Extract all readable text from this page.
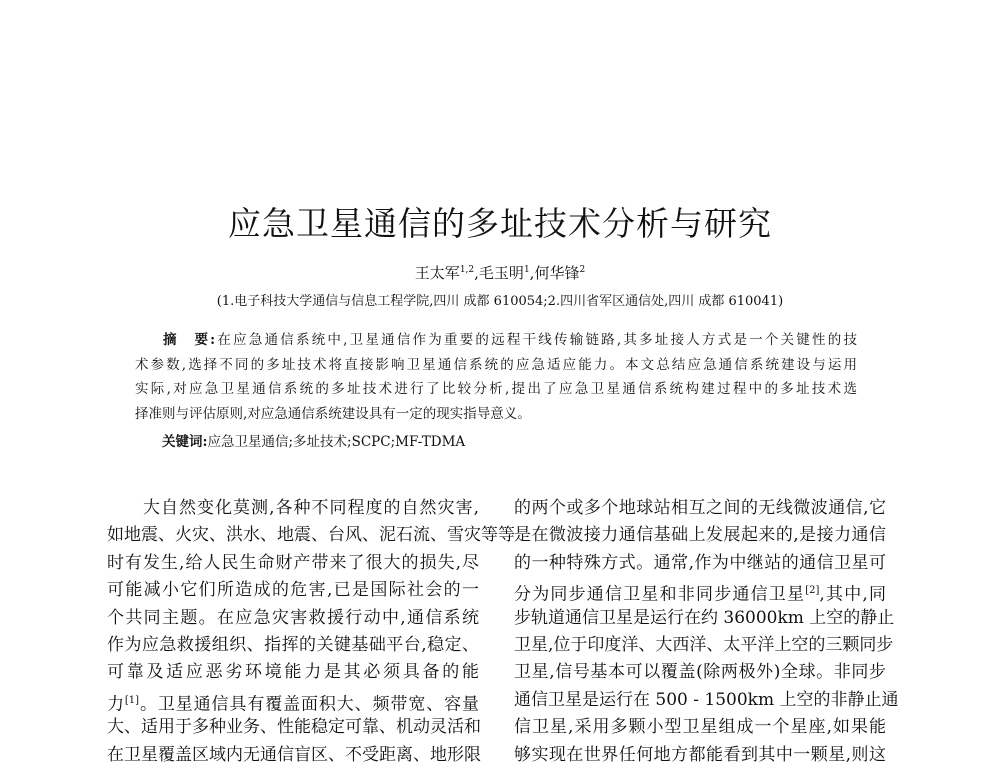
应急卫星通信的多址技术分析与研究
王太军$^{1,2}$,毛玉明$^1$,何华锋$^2$
(1.电子科技大学通信与信息工程学院,四川 成都 610054;2.四川省军区通信处,四川 成都 610041)
摘　要:在应急通信系统中,卫星通信作为重要的远程干线传输链路,其多址接人方式是一个关键性的技
术参数,选择不同的多址技术将直接影响卫星通信系统的应急适应能力。本文总结应急通信系统建设与运用
实际,对应急卫星通信系统的多址技术进行了比较分析,提出了应急卫星通信系统构建过程中的多址技术选
择准则与评估原则,对应急通信系统建设具有一定的现实指导意义。
关键词:应急卫星通信;多址技术;SCPC;MF-TDMA
大自然变化莫测,各种不同程度的自然灾害,
如地震、火灾、洪水、地震、台风、泥石流、雪灾等等
时有发生,给人民生命财产带来了很大的损失,尽
可能减小它们所造成的危害,已是国际社会的一
个共同主题。在应急灾害救援行动中,通信系统
作为应急救援组织、指挥的关键基础平台,稳定、
可靠及适应恶劣环境能力是其必须具备的能
力[1]。卫星通信具有覆盖面积大、频带宽、容量
大、适用于多种业务、性能稳定可靠、机动灵活和
在卫星覆盖区域内无通信盲区、不受距离、地形限
的两个或多个地球站相互之间的无线微波通信,它
是在微波接力通信基础上发展起来的,是接力通信
的一种特殊方式。通常,作为中继站的通信卫星可
分为同步通信卫星和非同步通信卫星[2],其中,同
步轨道通信卫星是运行在约 36000km 上空的静止
卫星,位于印度洋、大西洋、太平洋上空的三颗同步
卫星,信号基本可以覆盖(除两极外)全球。非同步
通信卫星是运行在 500 - 1500km 上空的非静止通
信卫星,采用多颗小型卫星组成一个星座,如果能
够实现在世界任何地方都能看到其中一颗星,则这
